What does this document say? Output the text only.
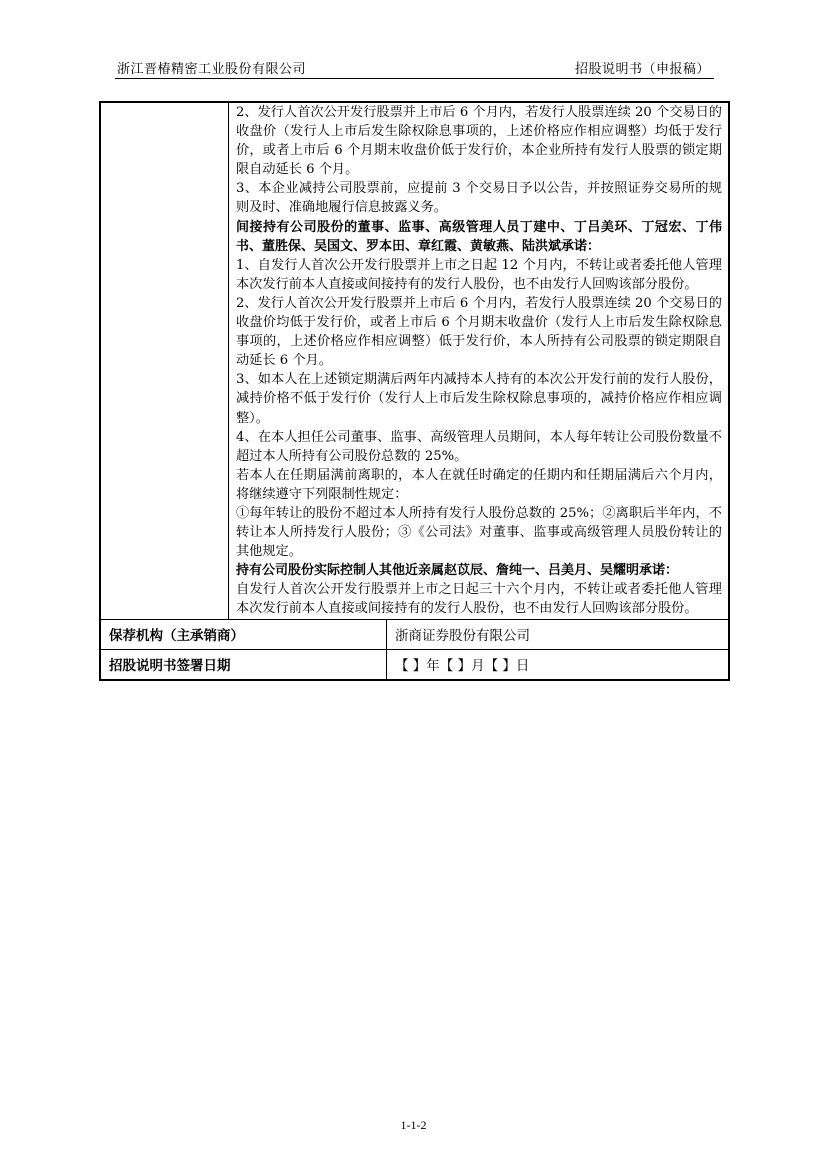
浙江晋椿精密工业股份有限公司	招股说明书（申报稿）

2、发行人首次公开发行股票并上市后 6 个月内，若发行人股票连续 20 个交易日的收盘价（发行人上市后发生除权除息事项的，上述价格应作相应调整）均低于发行价，或者上市后 6 个月期末收盘价低于发行价，本企业所持有发行人股票的锁定期限自动延长 6 个月。

3、本企业减持公司股票前，应提前 3 个交易日予以公告，并按照证券交易所的规则及时、准确地履行信息披露义务。

间接持有公司股份的董事、监事、高级管理人员丁建中、丁吕美环、丁冠宏、丁伟书、董胜保、吴国文、罗本田、章红霞、黄敏燕、陆洪斌承诺：

1、自发行人首次公开发行股票并上市之日起 12 个月内，不转让或者委托他人管理本次发行前本人直接或间接持有的发行人股份，也不由发行人回购该部分股份。

2、发行人首次公开发行股票并上市后 6 个月内，若发行人股票连续 20 个交易日的收盘价均低于发行价，或者上市后 6 个月期末收盘价（发行人上市后发生除权除息事项的，上述价格应作相应调整）低于发行价，本人所持有公司股票的锁定期限自动延长 6 个月。

3、如本人在上述锁定期满后两年内减持本人持有的本次公开发行前的发行人股份，减持价格不低于发行价（发行人上市后发生除权除息事项的，减持价格应作相应调整）。

4、在本人担任公司董事、监事、高级管理人员期间，本人每年转让公司股份数量不超过本人所持有公司股份总数的 25%。

若本人在任期届满前离职的，本人在就任时确定的任期内和任期届满后六个月内，将继续遵守下列限制性规定：

①每年转让的股份不超过本人所持有发行人股份总数的 25%；②离职后半年内，不转让本人所持发行人股份；③《公司法》对董事、监事或高级管理人员股份转让的其他规定。

持有公司股份实际控制人其他近亲属赵苡辰、詹纯一、吕美月、吴耀明承诺：

自发行人首次公开发行股票并上市之日起三十六个月内，不转让或者委托他人管理本次发行前本人直接或间接持有的发行人股份，也不由发行人回购该部分股份。

保荐机构（主承销商）	浙商证券股份有限公司
招股说明书签署日期	【 】年【 】月【 】日
1-1-2
